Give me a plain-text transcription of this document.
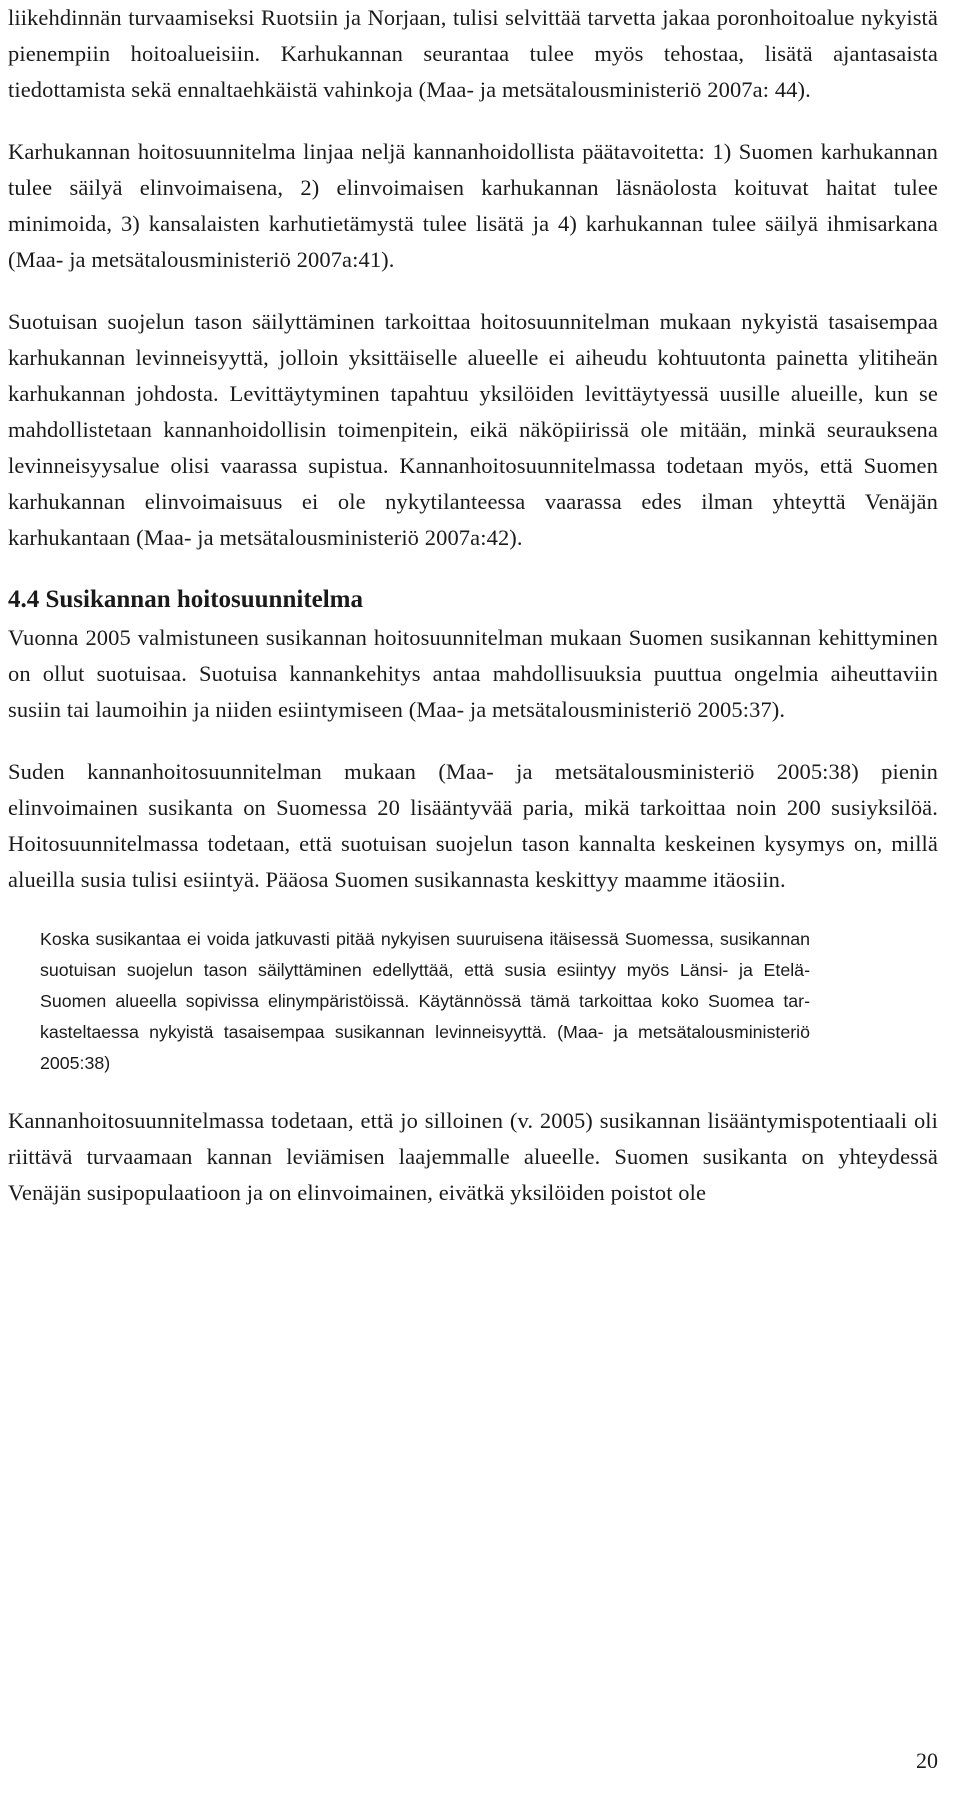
liikehdinnän turvaamiseksi Ruotsiin ja Norjaan, tulisi selvittää tarvetta jakaa poronhoitoalue nykyistä pienempiin hoitoalueisiin. Karhukannan seurantaa tulee myös tehostaa, lisätä ajantasaista tiedottamista sekä ennaltaehkäistä vahinkoja (Maa- ja metsätalousministeriö 2007a: 44).

Karhukannan hoitosuunnitelma linjaa neljä kannanhoidollista päätavoitetta: 1) Suomen karhukannan tulee säilyä elinvoimaisena, 2) elinvoimaisen karhukannan läsnäolosta koituvat haitat tulee minimoida, 3) kansalaisten karhutietämystä tulee lisätä ja 4) karhukannan tulee säilyä ihmisarkana (Maa- ja metsätalousministeriö 2007a:41).

Suotuisan suojelun tason säilyttäminen tarkoittaa hoitosuunnitelman mukaan nykyistä tasaisempaa karhukannan levinneisyyttä, jolloin yksittäiselle alueelle ei aiheudu kohtuutonta painetta ylitiheän karhukannan johdosta. Levittäytyminen tapahtuu yksilöiden levittäytyessä uusille alueille, kun se mahdollistetaan kannanhoidollisin toimenpitein, eikä näköpiirissä ole mitään, minkä seurauksena levinneisyysalue olisi vaarassa supistua. Kannanhoitosuunnitelmassa todetaan myös, että Suomen karhukannan elinvoimaisuus ei ole nykytilanteessa vaarassa edes ilman yhteyttä Venäjän karhukantaan (Maa- ja metsätalousministeriö 2007a:42).

4.4 Susikannan hoitosuunnitelma

Vuonna 2005 valmistuneen susikannan hoitosuunnitelman mukaan Suomen susikannan kehittyminen on ollut suotuisaa. Suotuisa kannankehitys antaa mahdollisuuksia puuttua ongelmia aiheuttaviin susiin tai laumoihin ja niiden esiintymiseen (Maa- ja metsätalousministeriö 2005:37).

Suden kannanhoitosuunnitelman mukaan (Maa- ja metsätalousministeriö 2005:38) pienin elinvoimainen susikanta on Suomessa 20 lisääntyvää paria, mikä tarkoittaa noin 200 susiyksilöä. Hoitosuunnitelmassa todetaan, että suotuisan suojelun tason kannalta keskeinen kysymys on, millä alueilla susia tulisi esiintyä. Pääosa Suomen susikannasta keskittyy maamme itäosiin.

Koska susikantaa ei voida jatkuvasti pitää nykyisen suuruisena itäisessä Suomessa, susikannan suotuisan suojelun tason säilyttäminen edellyttää, että susia esiintyy myös Länsi- ja Etelä-Suomen alueella sopivissa elinympäristöissä. Käytännössä tämä tarkoittaa koko Suomea tar-kasteltaessa nykyistä tasaisempaa susikannan levinneisyyttä. (Maa- ja metsätalousministeriö 2005:38)

Kannanhoitosuunnitelmassa todetaan, että jo silloinen (v. 2005) susikannan lisääntymispotentiaali oli riittävä turvaamaan kannan leviämisen laajemmalle alueelle. Suomen susikanta on yhteydessä Venäjän susipopulaatioon ja on elinvoimainen, eivätkä yksilöiden poistot ole

20
